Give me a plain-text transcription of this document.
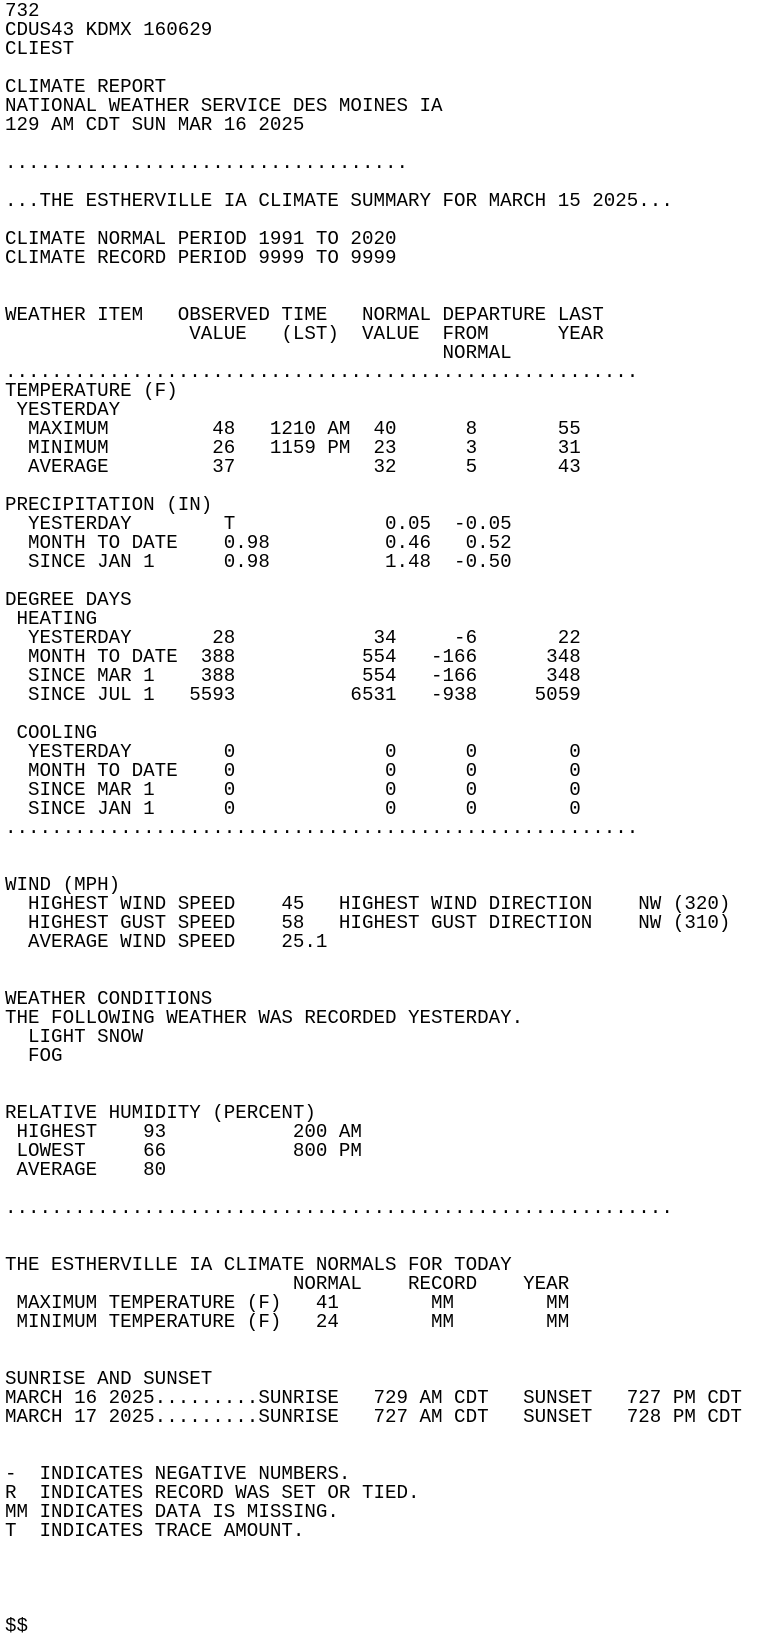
732
CDUS43 KDMX 160629
CLIEST
CLIMATE REPORT
NATIONAL WEATHER SERVICE DES MOINES IA
129 AM CDT SUN MAR 16 2025
...................................
...THE ESTHERVILLE IA CLIMATE SUMMARY FOR MARCH 15 2025...
CLIMATE NORMAL PERIOD 1991 TO 2020
CLIMATE RECORD PERIOD 9999 TO 9999
WEATHER ITEM   OBSERVED TIME   NORMAL DEPARTURE LAST
VALUE   (LST)  VALUE  FROM      YEAR
NORMAL
.......................................................
TEMPERATURE (F)
YESTERDAY
MAXIMUM         48   1210 AM  40      8       55
MINIMUM         26   1159 PM  23      3       31
AVERAGE         37            32      5       43
PRECIPITATION (IN)
YESTERDAY        T             0.05  -0.05
MONTH TO DATE    0.98          0.46   0.52
SINCE JAN 1      0.98          1.48  -0.50
DEGREE DAYS
HEATING
YESTERDAY       28            34     -6       22
MONTH TO DATE  388           554   -166      348
SINCE MAR 1    388           554   -166      348
SINCE JUL 1   5593          6531   -938     5059
COOLING
YESTERDAY        0             0      0        0
MONTH TO DATE    0             0      0        0
SINCE MAR 1      0             0      0        0
SINCE JAN 1      0             0      0        0
.......................................................
WIND (MPH)
HIGHEST WIND SPEED    45   HIGHEST WIND DIRECTION    NW (320)
HIGHEST GUST SPEED    58   HIGHEST GUST DIRECTION    NW (310)
AVERAGE WIND SPEED    25.1
WEATHER CONDITIONS
THE FOLLOWING WEATHER WAS RECORDED YESTERDAY.
LIGHT SNOW
FOG
RELATIVE HUMIDITY (PERCENT)
HIGHEST    93           200 AM
LOWEST     66           800 PM
AVERAGE    80
..........................................................
THE ESTHERVILLE IA CLIMATE NORMALS FOR TODAY
NORMAL    RECORD    YEAR
MAXIMUM TEMPERATURE (F)   41        MM        MM
MINIMUM TEMPERATURE (F)   24        MM        MM
SUNRISE AND SUNSET
MARCH 16 2025.........SUNRISE   729 AM CDT   SUNSET   727 PM CDT
MARCH 17 2025.........SUNRISE   727 AM CDT   SUNSET   728 PM CDT
-  INDICATES NEGATIVE NUMBERS.
R  INDICATES RECORD WAS SET OR TIED.
MM INDICATES DATA IS MISSING.
T  INDICATES TRACE AMOUNT.
$$
